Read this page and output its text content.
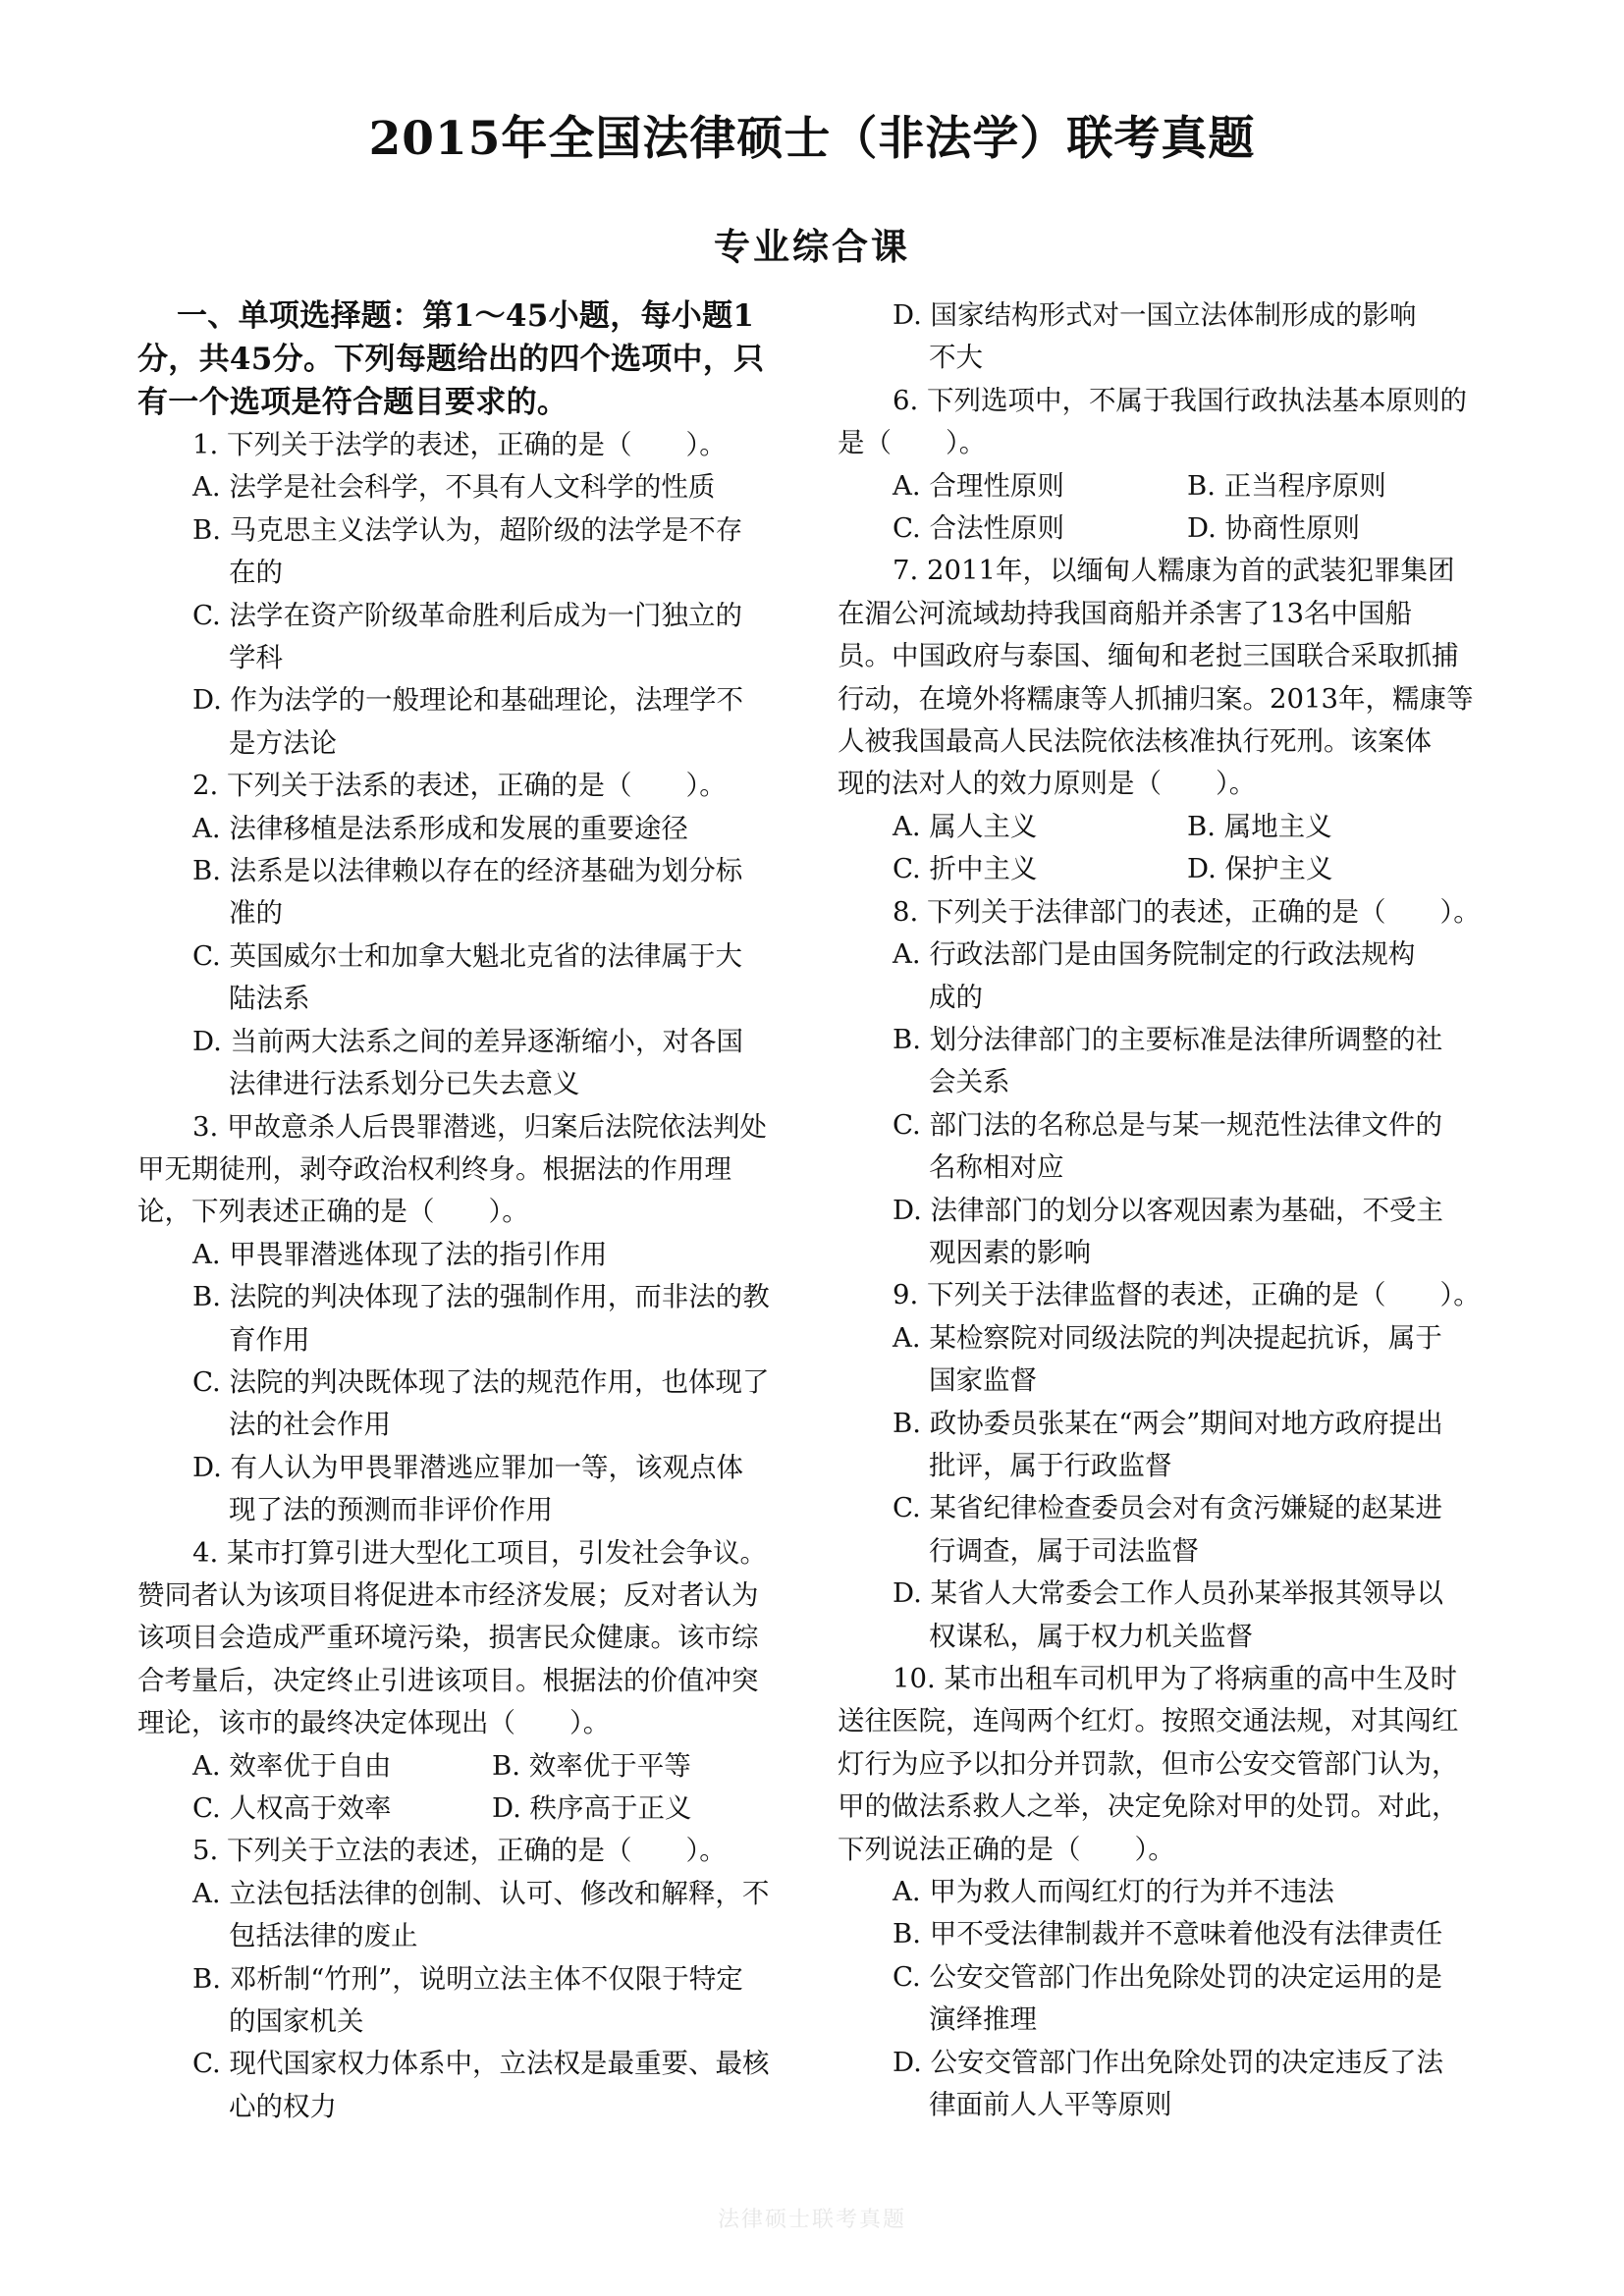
2015年全国法律硕士（非法学）联考真题
专业综合课

一、单项选择题：第1～45小题，每小题1

分，共45分。下列每题给出的四个选项中，只

有一个选项是符合题目要求的。

1. 下列关于法学的表述，正确的是（　　）。

A. 法学是社会科学，不具有人文科学的性质

B. 马克思主义法学认为，超阶级的法学是不存

在的

C. 法学在资产阶级革命胜利后成为一门独立的

学科

D. 作为法学的一般理论和基础理论，法理学不

是方法论

2. 下列关于法系的表述，正确的是（　　）。

A. 法律移植是法系形成和发展的重要途径

B. 法系是以法律赖以存在的经济基础为划分标

准的

C. 英国威尔士和加拿大魁北克省的法律属于大

陆法系

D. 当前两大法系之间的差异逐渐缩小，对各国

法律进行法系划分已失去意义

3. 甲故意杀人后畏罪潜逃，归案后法院依法判处

甲无期徒刑，剥夺政治权利终身。根据法的作用理

论，下列表述正确的是（　　）。

A. 甲畏罪潜逃体现了法的指引作用

B. 法院的判决体现了法的强制作用，而非法的教

育作用

C. 法院的判决既体现了法的规范作用，也体现了

法的社会作用

D. 有人认为甲畏罪潜逃应罪加一等，该观点体

现了法的预测而非评价作用

4. 某市打算引进大型化工项目，引发社会争议。

赞同者认为该项目将促进本市经济发展；反对者认为

该项目会造成严重环境污染，损害民众健康。该市综

合考量后，决定终止引进该项目。根据法的价值冲突

理论，该市的最终决定体现出（　　）。

A. 效率优于自由	B. 效率优于平等
C. 人权高于效率	D. 秩序高于正义

5. 下列关于立法的表述，正确的是（　　）。

A. 立法包括法律的创制、认可、修改和解释，不

包括法律的废止

B. 邓析制“竹刑”，说明立法主体不仅限于特定

的国家机关

C. 现代国家权力体系中，立法权是最重要、最核

心的权力

D. 国家结构形式对一国立法体制形成的影响

不大

6. 下列选项中，不属于我国行政执法基本原则的

是（　　）。

A. 合理性原则	B. 正当程序原则
C. 合法性原则	D. 协商性原则

7. 2011年，以缅甸人糯康为首的武装犯罪集团

在湄公河流域劫持我国商船并杀害了13名中国船

员。中国政府与泰国、缅甸和老挝三国联合采取抓捕

行动，在境外将糯康等人抓捕归案。2013年，糯康等

人被我国最高人民法院依法核准执行死刑。该案体

现的法对人的效力原则是（　　）。

A. 属人主义	B. 属地主义
C. 折中主义	D. 保护主义

8. 下列关于法律部门的表述，正确的是（　　）。

A. 行政法部门是由国务院制定的行政法规构

成的

B. 划分法律部门的主要标准是法律所调整的社

会关系

C. 部门法的名称总是与某一规范性法律文件的

名称相对应

D. 法律部门的划分以客观因素为基础，不受主

观因素的影响

9. 下列关于法律监督的表述，正确的是（　　）。

A. 某检察院对同级法院的判决提起抗诉，属于

国家监督

B. 政协委员张某在“两会”期间对地方政府提出

批评，属于行政监督

C. 某省纪律检查委员会对有贪污嫌疑的赵某进

行调查，属于司法监督

D. 某省人大常委会工作人员孙某举报其领导以

权谋私，属于权力机关监督

10. 某市出租车司机甲为了将病重的高中生及时

送往医院，连闯两个红灯。按照交通法规，对其闯红

灯行为应予以扣分并罚款，但市公安交管部门认为，

甲的做法系救人之举，决定免除对甲的处罚。对此，

下列说法正确的是（　　）。

A. 甲为救人而闯红灯的行为并不违法

B. 甲不受法律制裁并不意味着他没有法律责任

C. 公安交管部门作出免除处罚的决定运用的是

演绎推理

D. 公安交管部门作出免除处罚的决定违反了法

律面前人人平等原则

法律硕士联考真题
